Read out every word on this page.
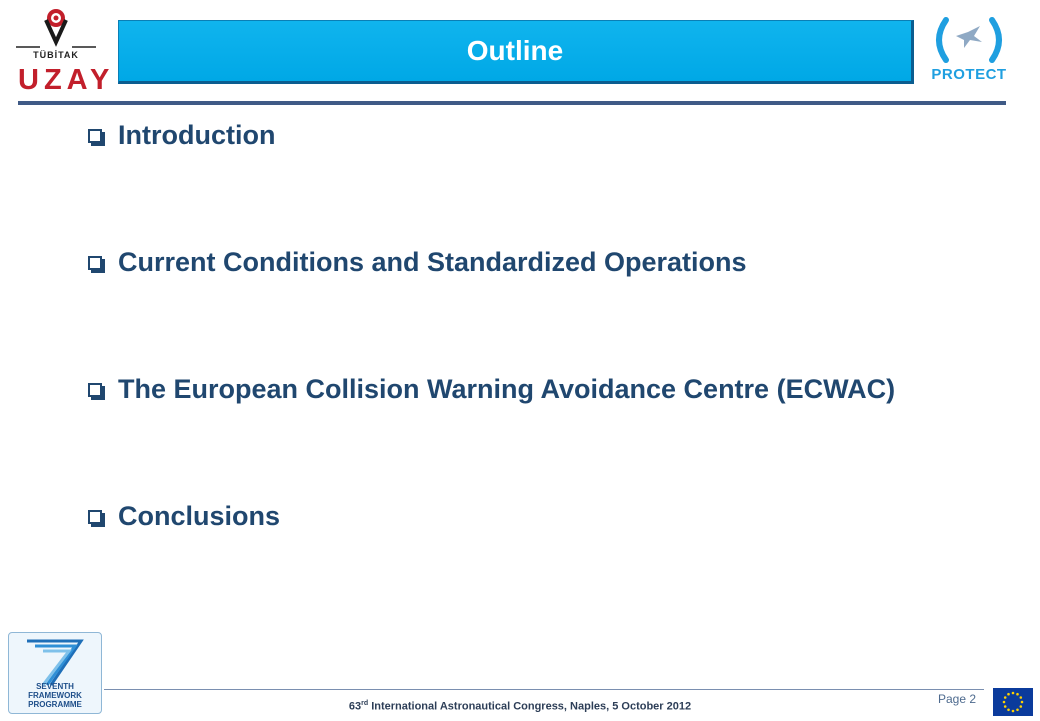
TÜBİTAK
UZAY
Outline
PROTECT
Introduction
Current Conditions and Standardized Operations
The European Collision Warning Avoidance Centre (ECWAC)
Conclusions
SEVENTH FRAMEWORK
PROGRAMME	63rd International Astronautical Congress, Naples, 5 October 2012
Page 2
